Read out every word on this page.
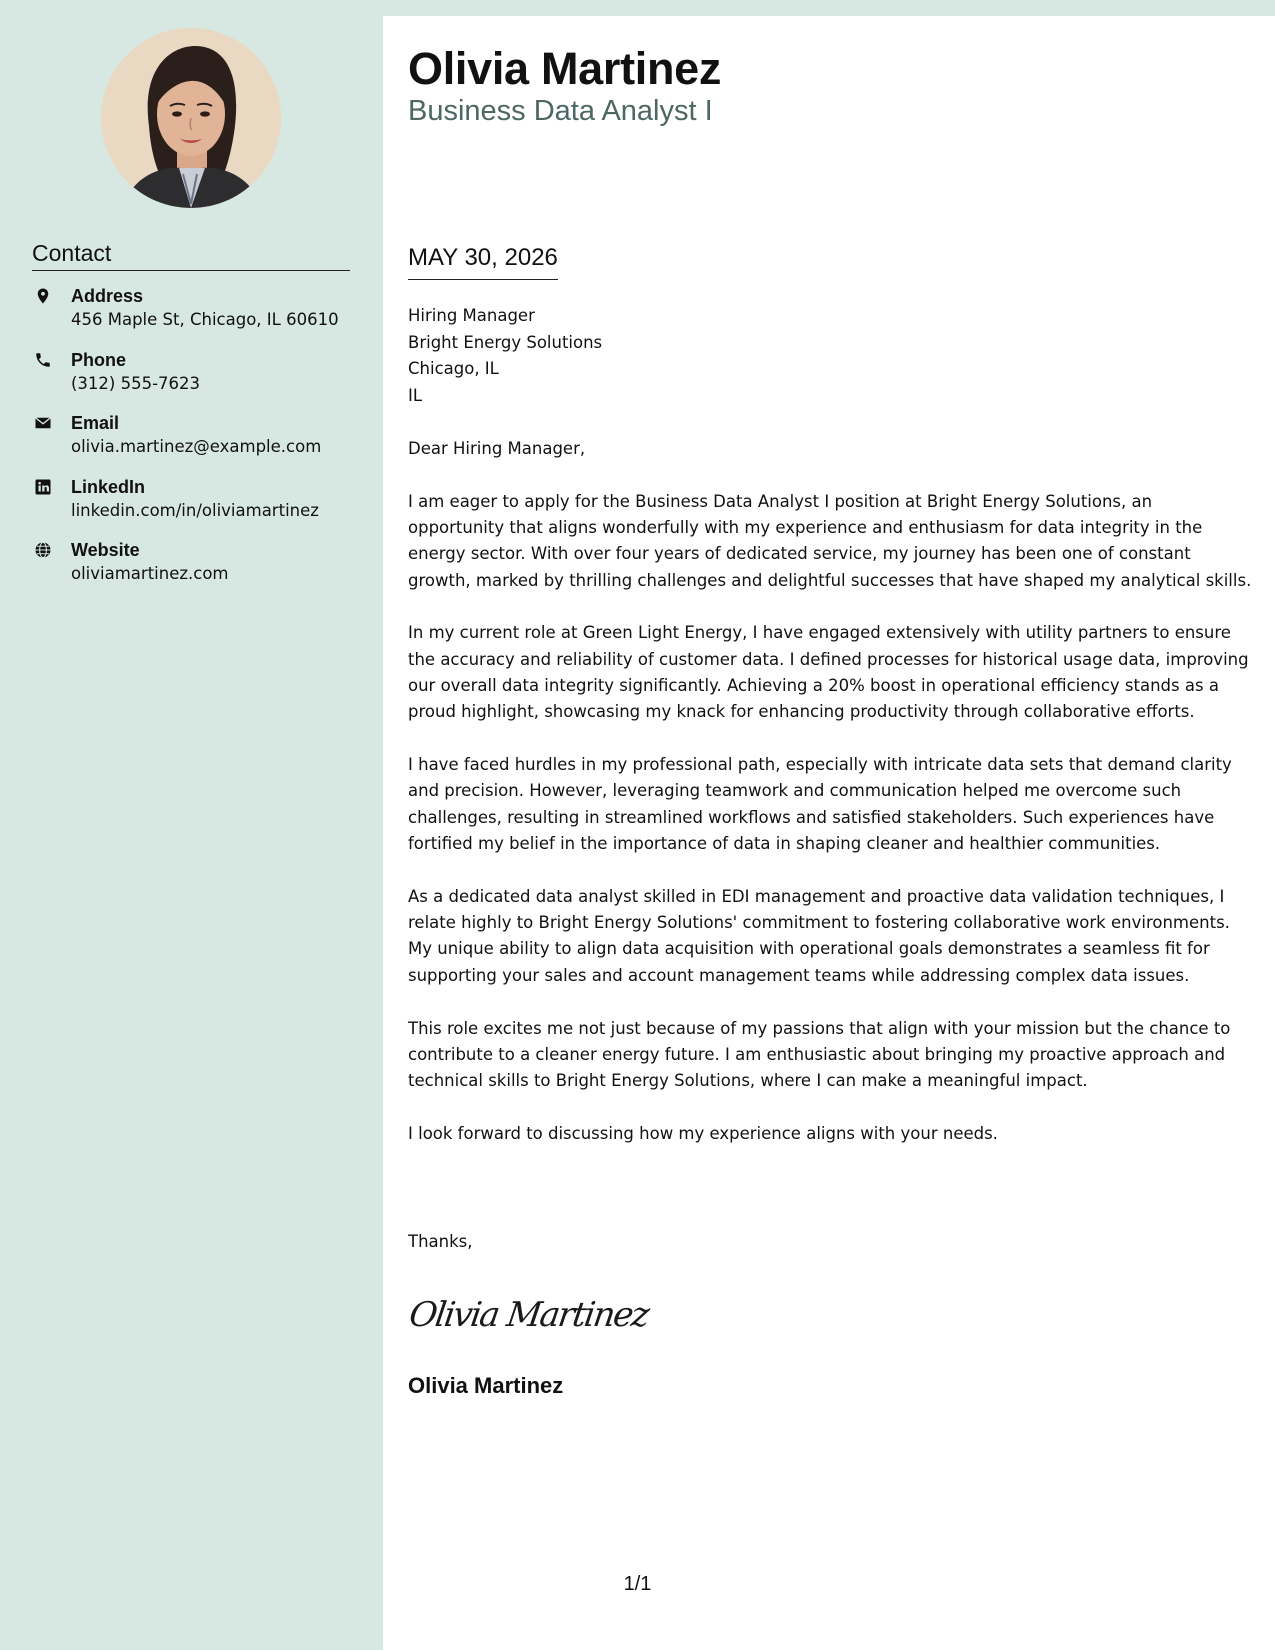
Contact
Address
456 Maple St, Chicago, IL 60610
Phone
(312) 555-7623
Email
olivia.martinez@example.com
LinkedIn
linkedin.com/in/oliviamartinez
Website
oliviamartinez.com
Olivia Martinez
Business Data Analyst I
MAY 30, 2026
Hiring Manager
Bright Energy Solutions
Chicago, IL
IL

Dear Hiring Manager,

I am eager to apply for the Business Data Analyst I position at Bright Energy Solutions, an opportunity that aligns wonderfully with my experience and enthusiasm for data integrity in the energy sector. With over four years of dedicated service, my journey has been one of constant growth, marked by thrilling challenges and delightful successes that have shaped my analytical skills.

In my current role at Green Light Energy, I have engaged extensively with utility partners to ensure the accuracy and reliability of customer data. I defined processes for historical usage data, improving our overall data integrity significantly. Achieving a 20% boost in operational efficiency stands as a proud highlight, showcasing my knack for enhancing productivity through collaborative efforts.

I have faced hurdles in my professional path, especially with intricate data sets that demand clarity and precision. However, leveraging teamwork and communication helped me overcome such challenges, resulting in streamlined workflows and satisfied stakeholders. Such experiences have fortified my belief in the importance of data in shaping cleaner and healthier communities.

As a dedicated data analyst skilled in EDI management and proactive data validation techniques, I relate highly to Bright Energy Solutions' commitment to fostering collaborative work environments. My unique ability to align data acquisition with operational goals demonstrates a seamless fit for supporting your sales and account management teams while addressing complex data issues.

This role excites me not just because of my passions that align with your mission but the chance to contribute to a cleaner energy future. I am enthusiastic about bringing my proactive approach and technical skills to Bright Energy Solutions, where I can make a meaningful impact.

I look forward to discussing how my experience aligns with your needs.

Thanks,
Olivia Martinez
Olivia Martinez
1/1
